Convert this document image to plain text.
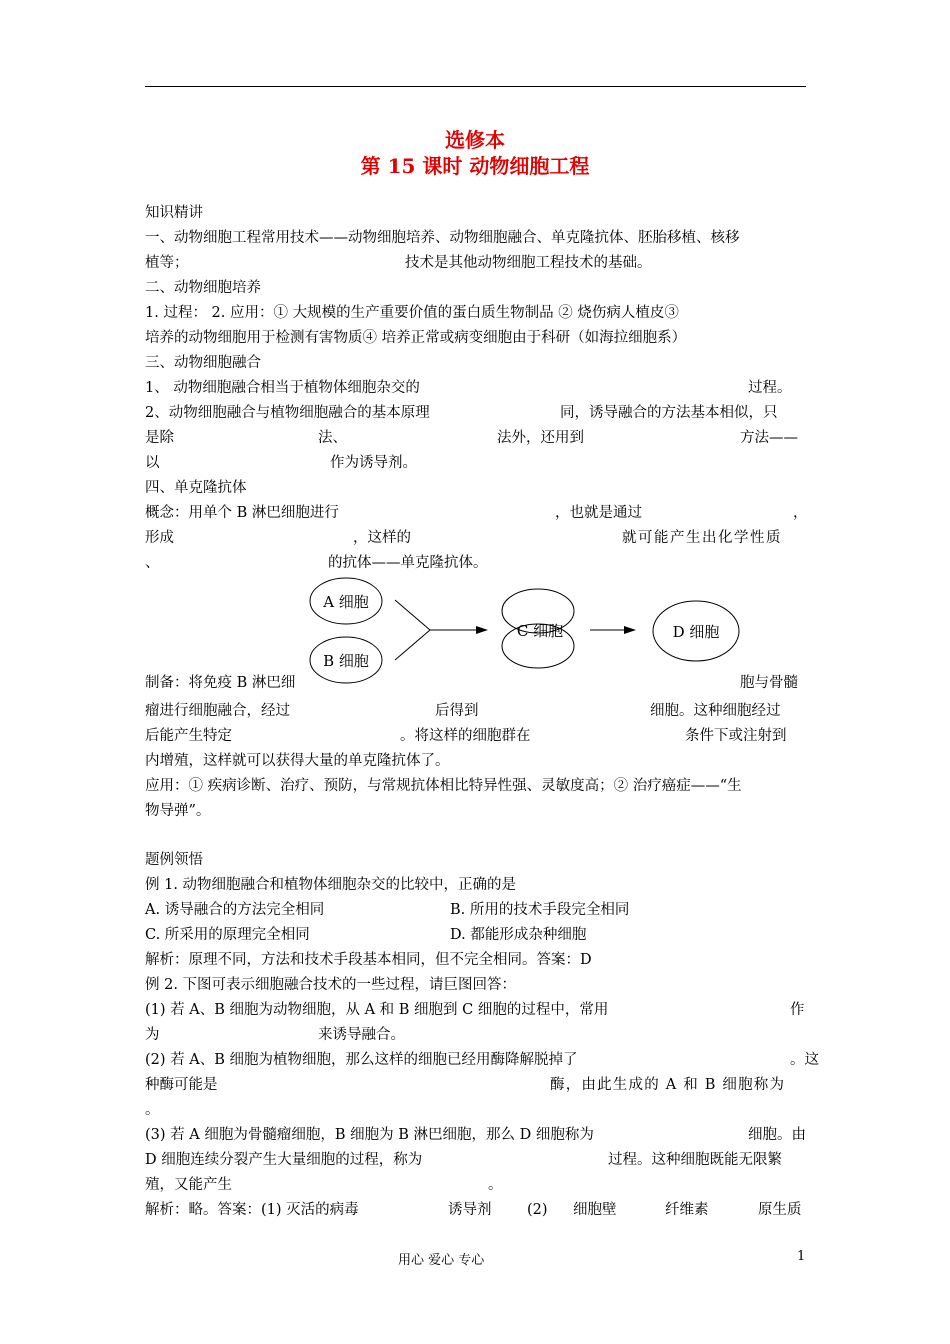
选修本
第 15 课时 动物细胞工程
知识精讲
一、动物细胞工程常用技术——动物细胞培养、动物细胞融合、单克隆抗体、胚胎移植、核移
植等；	技术是其他动物细胞工程技术的基础。
二、动物细胞培养
1. 过程： 2. 应用：① 大规模的生产重要价值的蛋白质生物制品 ② 烧伤病人植皮③
培养的动物细胞用于检测有害物质④ 培养正常或病变细胞由于科研（如海拉细胞系）
三、动物细胞融合
1、 动物细胞融合相当于植物体细胞杂交的	过程。
2、动物细胞融合与植物细胞融合的基本原理	同，诱导融合的方法基本相似，只
是除	法、	法外，还用到	方法——
以	作为诱导剂。
四、单克隆抗体
概念：用单个 B 淋巴细胞进行	，也就是通过	，
形成	，这样的	就可能产生出化学性质
、	的抗体——单克隆抗体。
A 细胞
B 细胞
C 细胞	D 细胞
制备：将免疫 B 淋巴细	胞与骨髓
瘤进行细胞融合，经过	后得到	细胞。这种细胞经过
后能产生特定	。将这样的细胞群在	条件下或注射到
内增殖，这样就可以获得大量的单克隆抗体了。
应用：① 疾病诊断、治疗、预防，与常规抗体相比特异性强、灵敏度高；② 治疗癌症——“生
物导弹”。
题例领悟
例 1. 动物细胞融合和植物体细胞杂交的比较中，正确的是
A. 诱导融合的方法完全相同	B. 所用的技术手段完全相同
C. 所采用的原理完全相同	D. 都能形成杂种细胞
解析：原理不同，方法和技术手段基本相同，但不完全相同。答案：D
例 2. 下图可表示细胞融合技术的一些过程，请巨图回答：
(1) 若 A、B 细胞为动物细胞，从 A 和 B 细胞到 C 细胞的过程中，常用	作
为	来诱导融合。
(2) 若 A、B 细胞为植物细胞，那么这样的细胞已经用酶降解脱掉了	。这
种酶可能是	酶，由此生成的 A 和 B 细胞称为
。
(3) 若 A 细胞为骨髓瘤细胞，B 细胞为 B 淋巴细胞，那么 D 细胞称为	细胞。由
D 细胞连续分裂产生大量细胞的过程，称为	过程。这种细胞既能无限繁
殖，又能产生	。
解析：略。答案：(1) 灭活的病毒	诱导剂 (2) 细胞壁	纤维素	原生质
用心 爱心 专心	1
